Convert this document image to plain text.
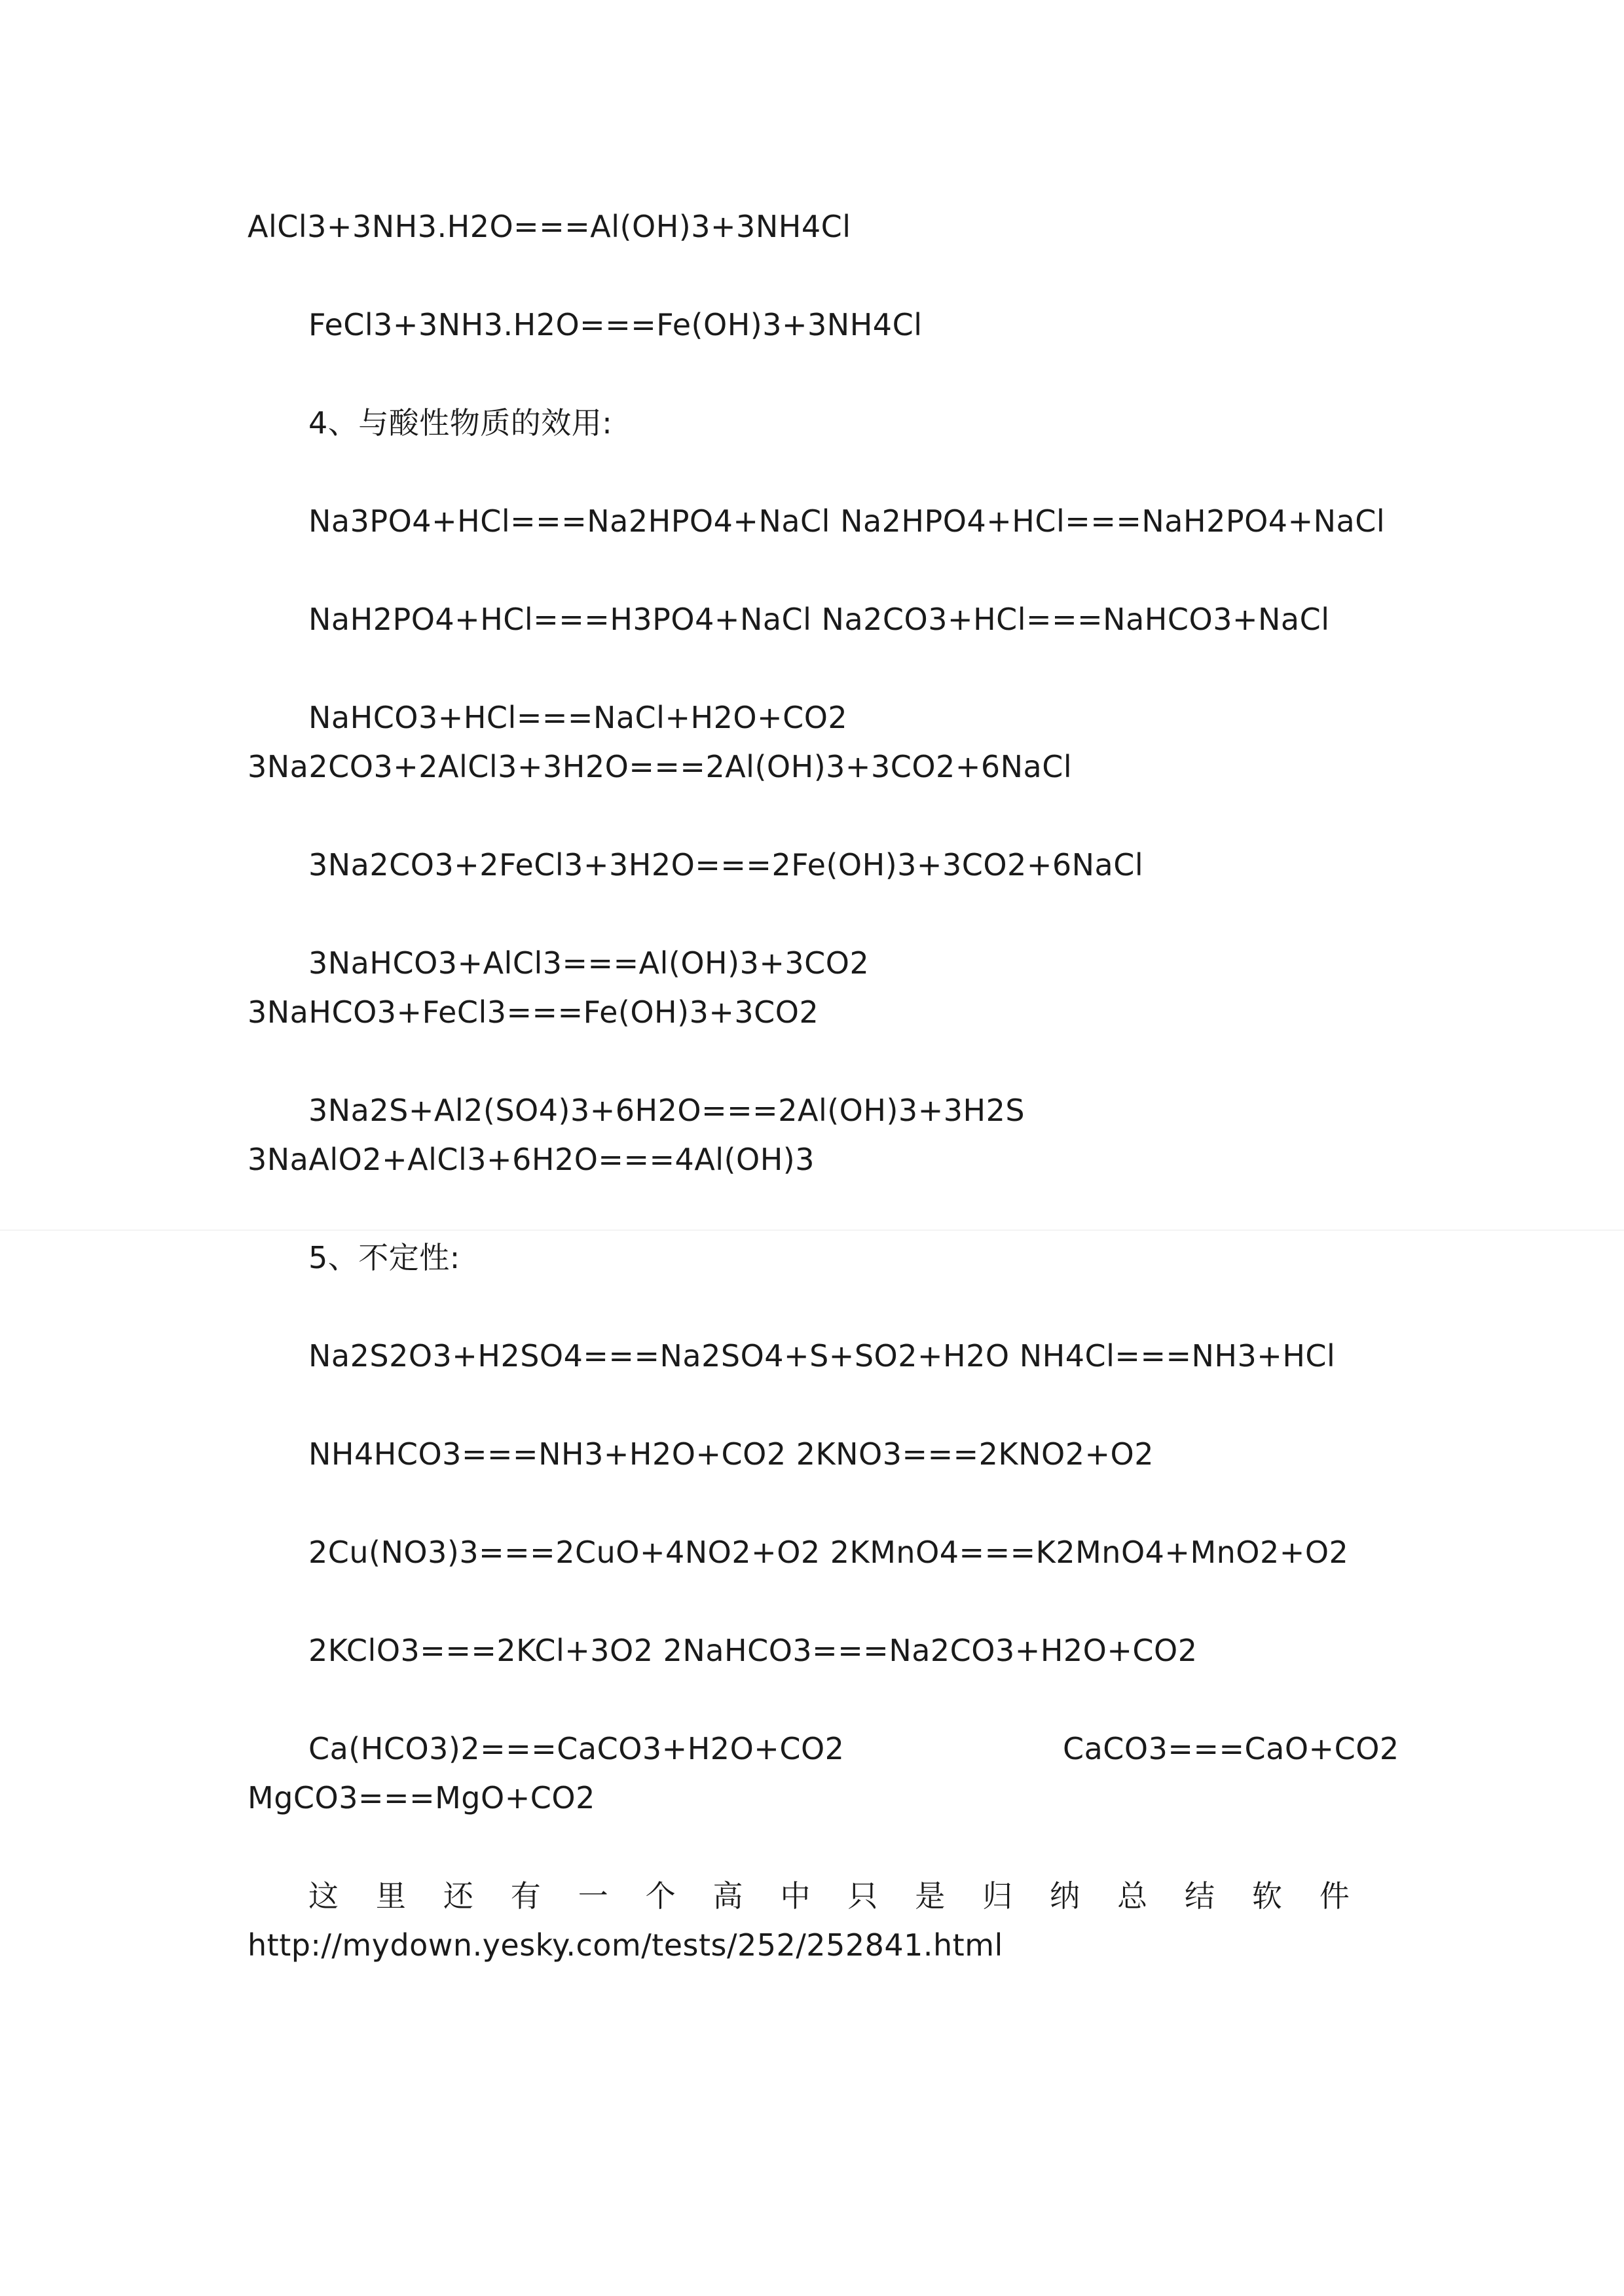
AlCl3+3NH3.H2O===Al(OH)3+3NH4Cl
FeCl3+3NH3.H2O===Fe(OH)3+3NH4Cl
4、与酸性物质的效用:
Na3PO4+HCl===Na2HPO4+NaCl Na2HPO4+HCl===NaH2PO4+NaCl
NaH2PO4+HCl===H3PO4+NaCl Na2CO3+HCl===NaHCO3+NaCl
NaHCO3+HCl===NaCl+H2O+CO2
3Na2CO3+2AlCl3+3H2O===2Al(OH)3+3CO2+6NaCl
3Na2CO3+2FeCl3+3H2O===2Fe(OH)3+3CO2+6NaCl
3NaHCO3+AlCl3===Al(OH)3+3CO2
3NaHCO3+FeCl3===Fe(OH)3+3CO2
3Na2S+Al2(SO4)3+6H2O===2Al(OH)3+3H2S
3NaAlO2+AlCl3+6H2O===4Al(OH)3
5、不定性:
Na2S2O3+H2SO4===Na2SO4+S+SO2+H2O NH4Cl===NH3+HCl
NH4HCO3===NH3+H2O+CO2 2KNO3===2KNO2+O2
2Cu(NO3)3===2CuO+4NO2+O2 2KMnO4===K2MnO4+MnO2+O2
2KClO3===2KCl+3O2 2NaHCO3===Na2CO3+H2O+CO2
Ca(HCO3)2===CaCO3+H2O+CO2	CaCO3===CaO+CO2
MgCO3===MgO+CO2
这 里 还 有 一 个 高 中 只 是 归 纳 总 结 软 件
http://mydown.yesky.com/tests/252/252841.html
